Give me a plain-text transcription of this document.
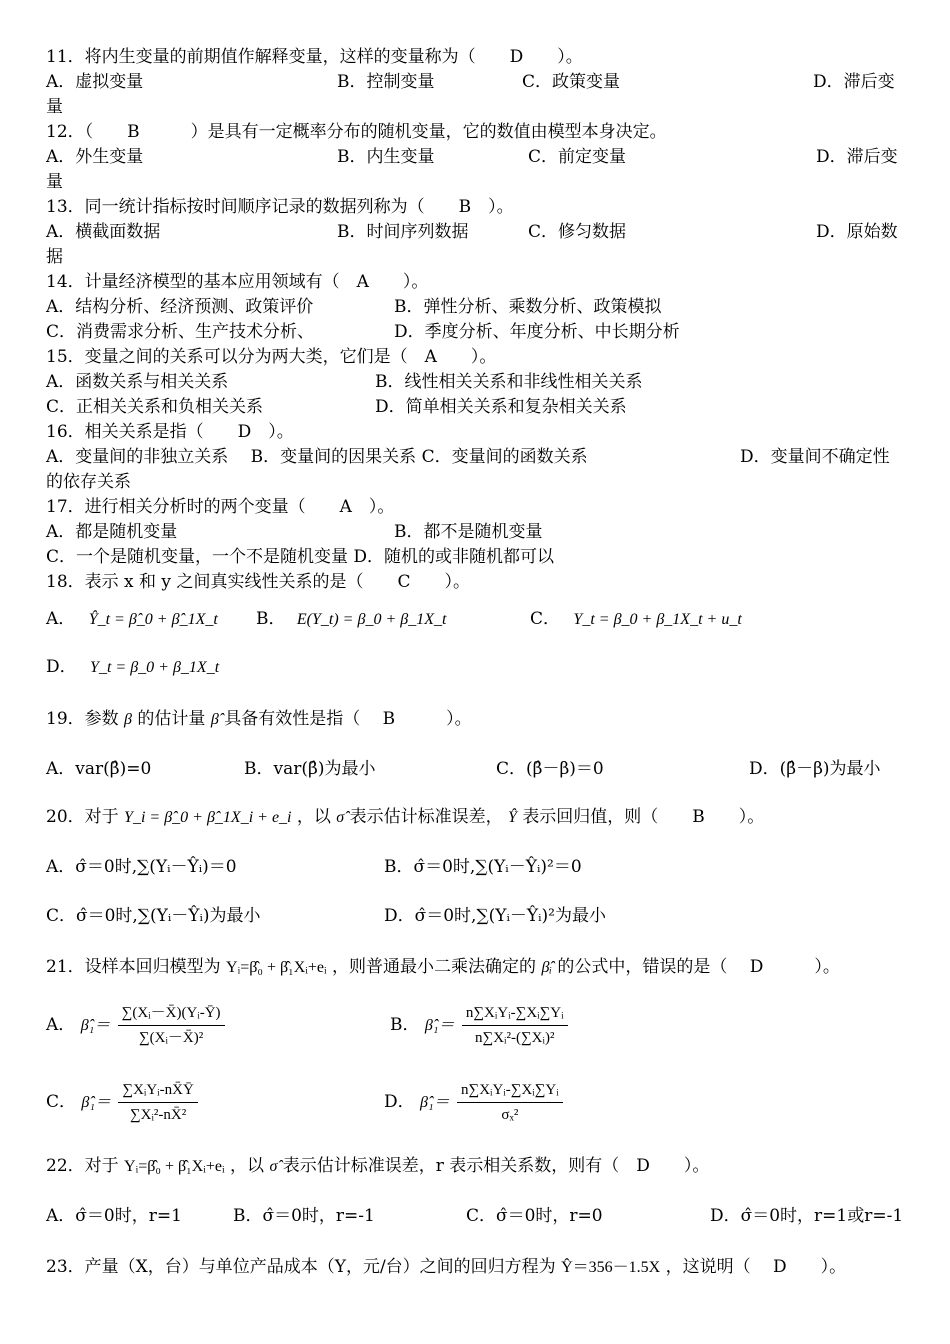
11．将内生变量的前期值作解释变量，这样的变量称为（　　D　　）。
A．虚拟变量	B．控制变量	C．政策变量	D．滞后变
量
12．（　　B　　　）是具有一定概率分布的随机变量，它的数值由模型本身决定。
A．外生变量	B．内生变量	C．前定变量	D．滞后变
量
13．同一统计指标按时间顺序记录的数据列称为（　　B　）。
A．横截面数据	B．时间序列数据	C．修匀数据	D．原始数
据
14．计量经济模型的基本应用领域有（　A　　）。
A．结构分析、经济预测、政策评价	B．弹性分析、乘数分析、政策模拟
C．消费需求分析、生产技术分析、	D．季度分析、年度分析、中长期分析
15．变量之间的关系可以分为两大类，它们是（　A　　）。
A．函数关系与相关关系	B．线性相关关系和非线性相关关系
C．正相关关系和负相关关系	D．简单相关关系和复杂相关关系
16．相关关系是指（　　D　）。
A．变量间的非独立关系　 B．变量间的因果关系 C．变量间的函数关系	D．变量间不确定性
的依存关系
17．进行相关分析时的两个变量（　　A　）。
A．都是随机变量	B．都不是随机变量
C．一个是随机变量，一个不是随机变量 D．随机的或非随机都可以
18．表示 x 和 y 之间真实线性关系的是（　　C　　）。
A． Ŷ_t = β̂_0 + β̂_1X_t B． E(Y_t) = β_0 + β_1X_t	C． Y_t = β_0 + β_1X_t + u_t
D． Y_t = β_0 + β_1X_t
19．参数 β 的估计量 β̂ 具备有效性是指（　 B　　　）。
A．var(β̂)=0	B．var(β̂)为最小	C．(β̂－β)＝0	D．(β̂－β)为最小
20．对于 Y_i = β̂_0 + β̂_1X_i + e_i ，以 σ̂ 表示估计标准误差， Ŷ 表示回归值，则（　　B　　）。
A．σ̂＝0时,∑(Yᵢ－Ŷᵢ)＝0	B．σ̂＝0时,∑(Yᵢ－Ŷᵢ)²＝0
C．σ̂＝0时,∑(Yᵢ－Ŷᵢ)为最小	D．σ̂＝0时,∑(Yᵢ－Ŷᵢ)²为最小
21．设样本回归模型为 Yᵢ=β̂₀ + β̂₁Xᵢ+eᵢ ，则普通最小二乘法确定的 β̂ᵢ 的公式中，错误的是（　 D　　　）。
A． β̂₁＝ $\frac{\text{∑(Xᵢ－X̄)(Yᵢ-Ȳ)}}{\text{∑(Xᵢ－X̄)²}}$	B． β̂₁＝ $\frac{\text{n∑XᵢYᵢ-∑Xᵢ∑Yᵢ}}{\text{n∑Xᵢ²-(∑Xᵢ)²}}$
C． β̂₁＝ $\frac{\text{∑XᵢYᵢ-nX̄Ȳ}}{\text{∑Xᵢ²-nX̄²}}$	D． β̂₁＝ $\frac{\text{n∑XᵢYᵢ-∑Xᵢ∑Yᵢ}}{\text{σₓ²}}$
22．对于 Yᵢ=β̂₀ + β̂₁Xᵢ+eᵢ ，以 σ̂ 表示估计标准误差，r 表示相关系数，则有（　D　　）。
A．σ̂＝0时，r=1	B．σ̂＝0时，r=-1	C．σ̂＝0时，r=0	D．σ̂＝0时，r=1或r=-1
23．产量（X，台）与单位产品成本（Y，元/台）之间的回归方程为 Ŷ＝356－1.5X ，这说明（　 D　　）。
